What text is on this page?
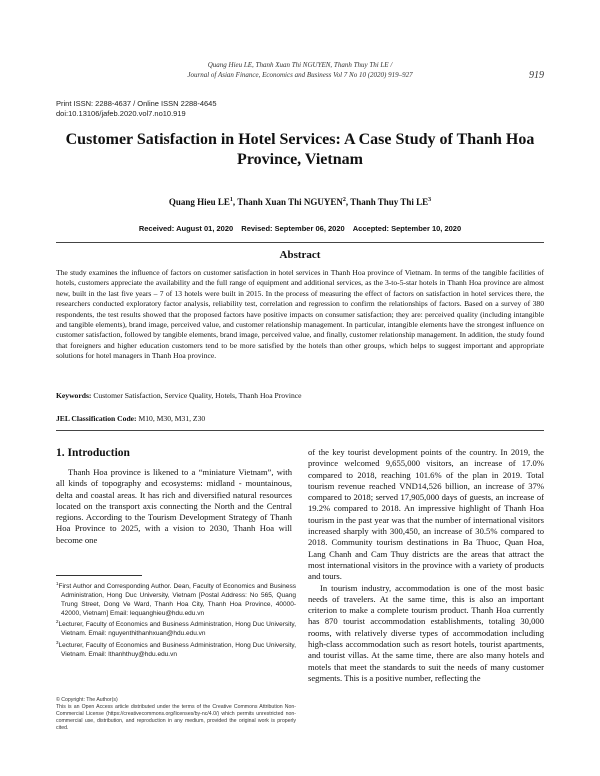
Quang Hieu LE, Thanh Xuan Thi NGUYEN, Thanh Thuy Thi LE /
Journal of Asian Finance, Economics and Business Vol 7 No 10 (2020) 919–927	919
Print ISSN: 2288-4637 / Online ISSN 2288-4645
doi:10.13106/jafeb.2020.vol7.no10.919
Customer Satisfaction in Hotel Services: A Case Study of Thanh Hoa
Province, Vietnam
Quang Hieu $LE^1$, Thanh Xuan Thi NGUYEN$^2$, Thanh Thuy Thi $LE^3$
Received: August 01, 2020 Revised: September 06, 2020 Accepted: September 10, 2020
Abstract
The study examines the influence of factors on customer satisfaction in hotel services in Thanh Hoa province of Vietnam. In terms of the tangible facilities of hotels, customers appreciate the availability and the full range of equipment and additional services, as the 3-to-5-star hotels in Thanh Hoa province are almost new, built in the last five years – 7 of 13 hotels were built in 2015. In the process of measuring the effect of factors on satisfaction in hotel services there, the researchers conducted exploratory factor analysis, reliability test, correlation and regression to confirm the relationships of factors. Based on a survey of 380 respondents, the test results showed that the proposed factors have positive impacts on consumer satisfaction; they are: perceived quality (including intangible and tangible elements), brand image, perceived value, and customer relationship management. In particular, intangible elements have the strongest influence on customer satisfaction, followed by tangible elements, brand image, perceived value, and finally, customer relationship management. In addition, the study found that foreigners and higher education customers tend to be more satisfied by the hotels than other groups, which helps to suggest important and appropriate solutions for hotel managers in Thanh Hoa province.
Keywords: Customer Satisfaction, Service Quality, Hotels, Thanh Hoa Province
JEL Classification Code: M10, M30, M31, Z30
1. Introduction

Thanh Hoa province is likened to a “miniature Vietnam”, with all kinds of topography and ecosystems: midland - mountainous, delta and coastal areas. It has rich and diversified natural resources located on the transport axis connecting the North and the Central regions. According to the Tourism Development Strategy of Thanh Hoa Province to 2025, with a vision to 2030, Thanh Hoa will become one

of the key tourist development points of the country. In 2019, the province welcomed 9,655,000 visitors, an increase of 17.0% compared to 2018, reaching 101.6% of the plan in 2019. Total tourism revenue reached VND14,526 billion, an increase of 37% compared to 2018; served 17,905,000 days of guests, an increase of 19.2% compared to 2018. An impressive highlight of Thanh Hoa tourism in the past year was that the number of international visitors increased sharply with 300,450, an increase of 30.5% compared to 2018. Community tourism destinations in Ba Thuoc, Quan Hoa, Lang Chanh and Cam Thuy districts are the areas that attract the most international visitors in the province with a variety of products and tours.

In tourism industry, accommodation is one of the most basic needs of travelers. At the same time, this is also an important criterion to make a complete tourism product. Thanh Hoa currently has 870 tourist accommodation establishments, totaling 30,000 rooms, with relatively diverse types of accommodation including high-class accommodation such as resort hotels, tourist apartments, and tourist villas. At the same time, there are also many hotels and motels that meet the standards to suit the needs of many customer segments. This is a positive number, reflecting the

$^1$First Author and Corresponding Author. Dean, Faculty of Economics and Business Administration, Hong Duc University, Vietnam [Postal Address: No 565, Quang Trung Street, Dong Ve Ward, Thanh Hoa City, Thanh Hoa Province, 40000-42000, Vietnam] Email: lequanghieu@hdu.edu.vn

$^2$Lecturer, Faculty of Economics and Business Administration, Hong Duc University, Vietnam. Email: nguyenthithanhxuan@hdu.edu.vn

$^3$Lecturer, Faculty of Economics and Business Administration, Hong Duc University, Vietnam. Email: lthanhthuy@hdu.edu.vn

© Copyright: The Author(s)

This is an Open Access article distributed under the terms of the Creative Commons Attribution Non-Commercial License (https://creativecommons.org/licenses/by-nc/4.0/) which permits unrestricted non-commercial use, distribution, and reproduction in any medium, provided the original work is properly cited.
